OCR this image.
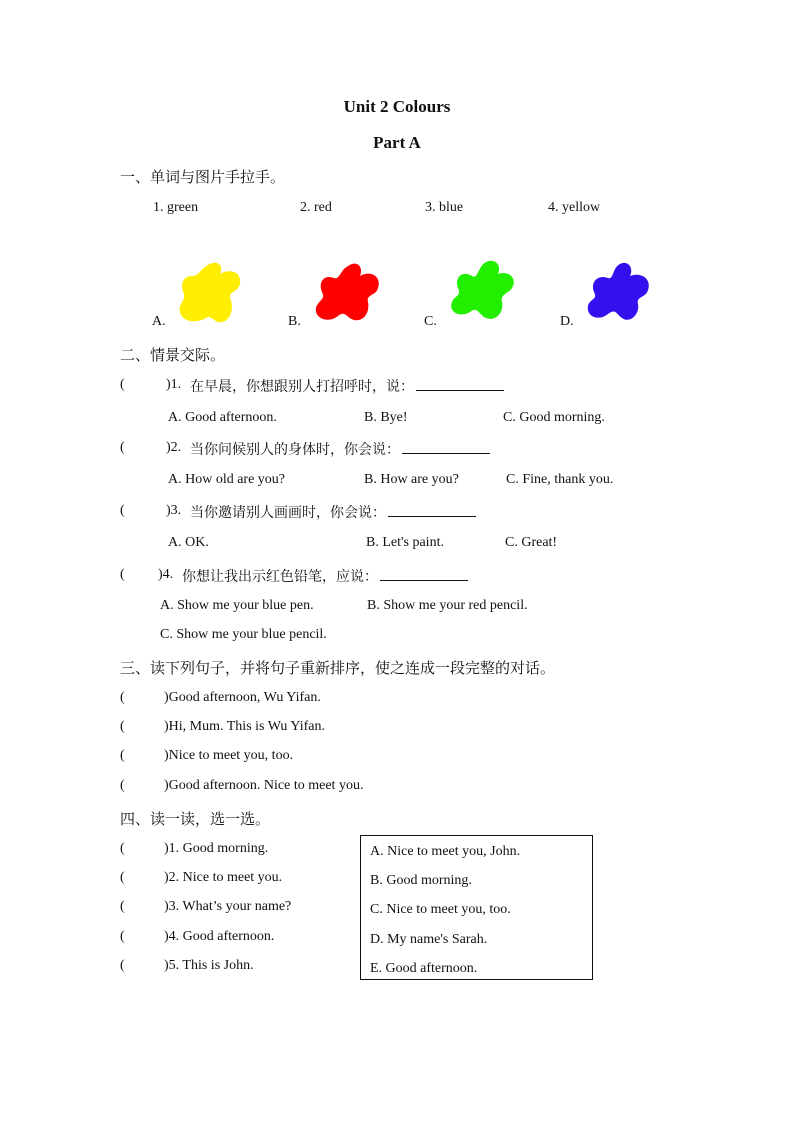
Unit 2 Colours
Part A
一、单词与图片手拉手。
1. green	2. red	3. blue	4. yellow
A.	B.	C.	D.
二、情景交际。
(	)1. 在早晨，你想跟别人打招呼时，说：
A. Good afternoon.	B. Bye!	C. Good morning.
(	)2. 当你问候别人的身体时，你会说：
A. How old are you?	B. How are you?	C. Fine, thank you.
(	)3. 当你邀请别人画画时，你会说：
A. OK.	B. Let's paint.	C. Great!
( )4. 你想让我出示红色铅笔，应说：
A. Show me your blue pen.	B. Show me your red pencil.
C. Show me your blue pencil.
三、读下列句子，并将句子重新排序，使之连成一段完整的对话。
(	)Good afternoon, Wu Yifan.
(	)Hi, Mum. This is Wu Yifan.
(	)Nice to meet you, too.
(	)Good afternoon. Nice to meet you.
四、读一读，选一选。
(	)1. Good morning.
(	)2. Nice to meet you.
(	)3. What’s your name?
(	)4. Good afternoon.
(	)5. This is John.
A. Nice to meet you, John.
B. Good morning.
C. Nice to meet you, too.
D. My name's Sarah.
E. Good afternoon.
